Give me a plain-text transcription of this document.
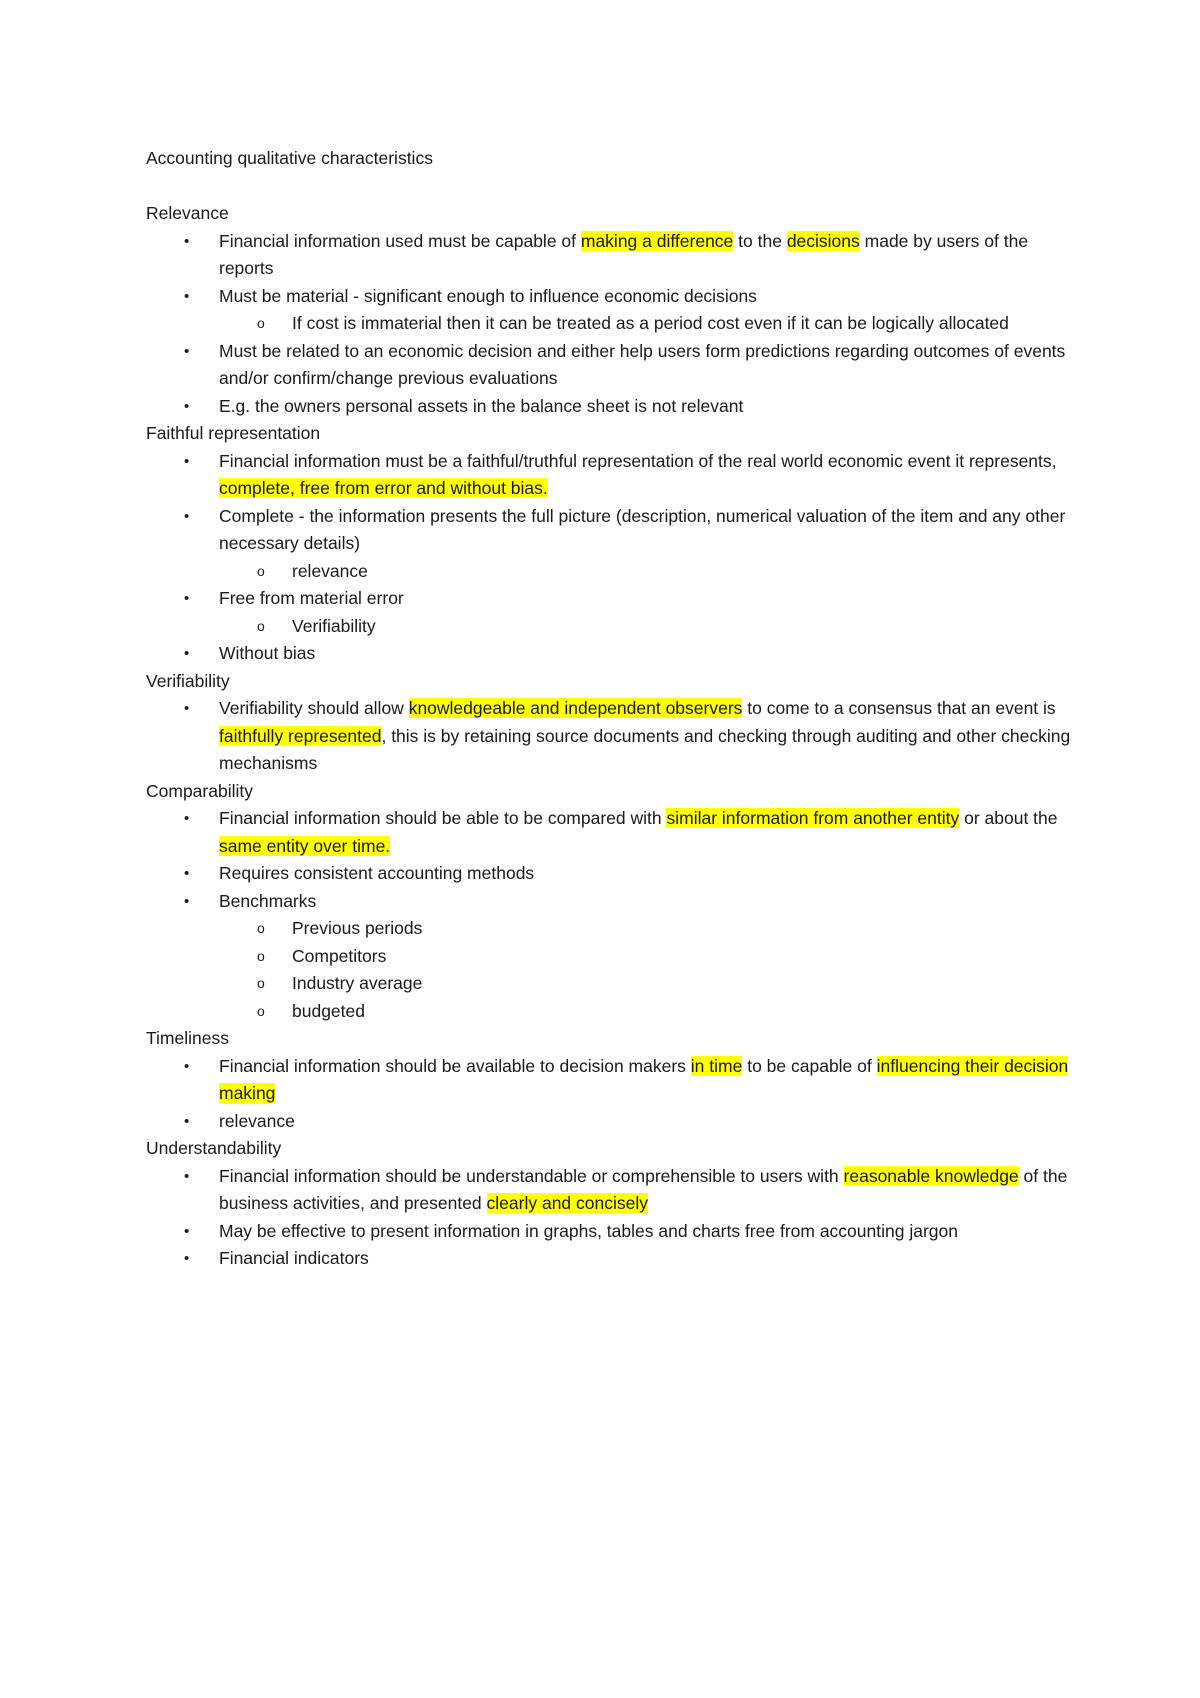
Accounting qualitative characteristics

Relevance

• Financial information used must be capable of making a difference to the decisions made by users of the reports
• Must be material - significant enough to influence economic decisions
o If cost is immaterial then it can be treated as a period cost even if it can be logically allocated
• Must be related to an economic decision and either help users form predictions regarding outcomes of events and/or confirm/change previous evaluations
• E.g. the owners personal assets in the balance sheet is not relevant

Faithful representation

• Financial information must be a faithful/truthful representation of the real world economic event it represents, complete, free from error and without bias.
• Complete - the information presents the full picture (description, numerical valuation of the item and any other necessary details)
o relevance
• Free from material error
o Verifiability
• Without bias

Verifiability

• Verifiability should allow knowledgeable and independent observers to come to a consensus that an event is faithfully represented, this is by retaining source documents and checking through auditing and other checking mechanisms

Comparability

• Financial information should be able to be compared with similar information from another entity or about the same entity over time.
• Requires consistent accounting methods
• Benchmarks
o Previous periods
o Competitors
o Industry average
o budgeted

Timeliness

• Financial information should be available to decision makers in time to be capable of influencing their decision making
• relevance

Understandability

• Financial information should be understandable or comprehensible to users with reasonable knowledge of the business activities, and presented clearly and concisely
• May be effective to present information in graphs, tables and charts free from accounting jargon
• Financial indicators
